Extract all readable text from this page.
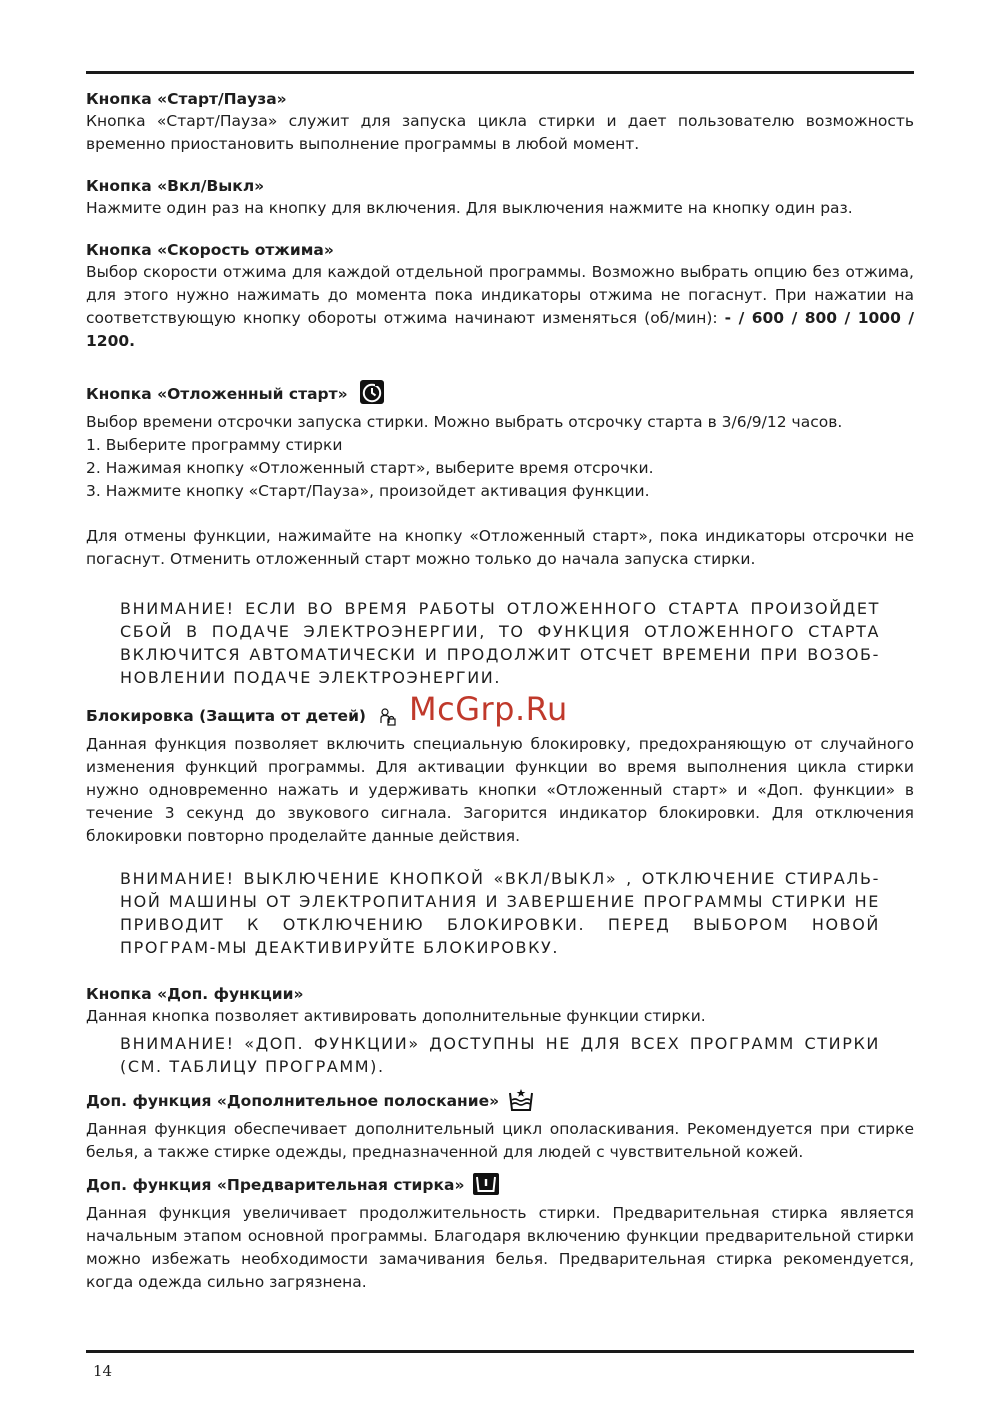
Кнопка «Старт/Пауза»

Кнопка «Старт/Пауза» служит для запуска цикла стирки и дает пользователю возможность временно приостановить выполнение программы в любой момент.

Кнопка «Вкл/Выкл»

Нажмите один раз на кнопку для включения. Для выключения нажмите на кнопку один раз.

Кнопка «Скорость отжима»

Выбор скорости отжима для каждой отдельной программы. Возможно выбрать опцию без отжима, для этого нужно нажимать до момента пока индикаторы отжима не погаснут. При нажатии на соответствующую кнопку обороты отжима начинают изменяться (об/мин): - / 600 / 800 / 1000 / 1200.

Кнопка «Отложенный старт»

Выбор времени отсрочки запуска стирки. Можно выбрать отсрочку старта в 3/6/9/12 часов.

1. Выберите программу стирки

2. Нажимая кнопку «Отложенный старт», выберите время отсрочки.

3. Нажмите кнопку «Старт/Пауза», произойдет активация функции.

Для отмены функции, нажимайте на кнопку «Отложенный старт», пока индикаторы отсрочки не погаснут. Отменить отложенный старт можно только до начала запуска стирки.

ВНИМАНИЕ! ЕСЛИ ВО ВРЕМЯ РАБОТЫ ОТЛОЖЕННОГО СТАРТА ПРОИЗОЙДЕТ СБОЙ В ПОДАЧЕ ЭЛЕКТРОЭНЕРГИИ, ТО ФУНКЦИЯ ОТЛОЖЕННОГО СТАРТА ВКЛЮЧИТСЯ АВТОМАТИЧЕСКИ И ПРОДОЛЖИТ ОТСЧЕТ ВРЕМЕНИ ПРИ ВОЗОБ-НОВЛЕНИИ ПОДАЧЕ ЭЛЕКТРОЭНЕРГИИ.

Блокировка (Защита от детей)

Данная функция позволяет включить специальную блокировку, предохраняющую от случайного изменения функций программы. Для активации функции во время выполнения цикла стирки нужно одновременно нажать и удерживать кнопки «Отложенный старт» и «Доп. функции» в течение 3 секунд до звукового сигнала. Загорится индикатор блокировки. Для отключения блокировки повторно проделайте данные действия.

ВНИМАНИЕ! ВЫКЛЮЧЕНИЕ КНОПКОЙ «ВКЛ/ВЫКЛ» , ОТКЛЮЧЕНИЕ СТИРАЛЬ-НОЙ МАШИНЫ ОТ ЭЛЕКТРОПИТАНИЯ И ЗАВЕРШЕНИЕ ПРОГРАММЫ СТИРКИ НЕ ПРИВОДИТ К ОТКЛЮЧЕНИЮ БЛОКИРОВКИ. ПЕРЕД ВЫБОРОМ НОВОЙ ПРОГРАМ-МЫ ДЕАКТИВИРУЙТЕ БЛОКИРОВКУ.

Кнопка «Доп. функции»

Данная кнопка позволяет активировать дополнительные функции стирки.

ВНИМАНИЕ! «ДОП. ФУНКЦИИ» ДОСТУПНЫ НЕ ДЛЯ ВСЕХ ПРОГРАММ СТИРКИ (СМ. ТАБЛИЦУ ПРОГРАММ).

Доп. функция «Дополнительное полоскание»

Данная функция обеспечивает дополнительный цикл ополаскивания. Рекомендуется при стирке белья, а также стирке одежды, предназначенной для людей с чувствительной кожей.

Доп. функция «Предварительная стирка»

Данная функция увеличивает продолжительность стирки. Предварительная стирка является начальным этапом основной программы. Благодаря включению функции предварительной стирки можно избежать необходимости замачивания белья. Предварительная стирка рекомендуется, когда одежда сильно загрязнена.

McGrp.Ru
14
